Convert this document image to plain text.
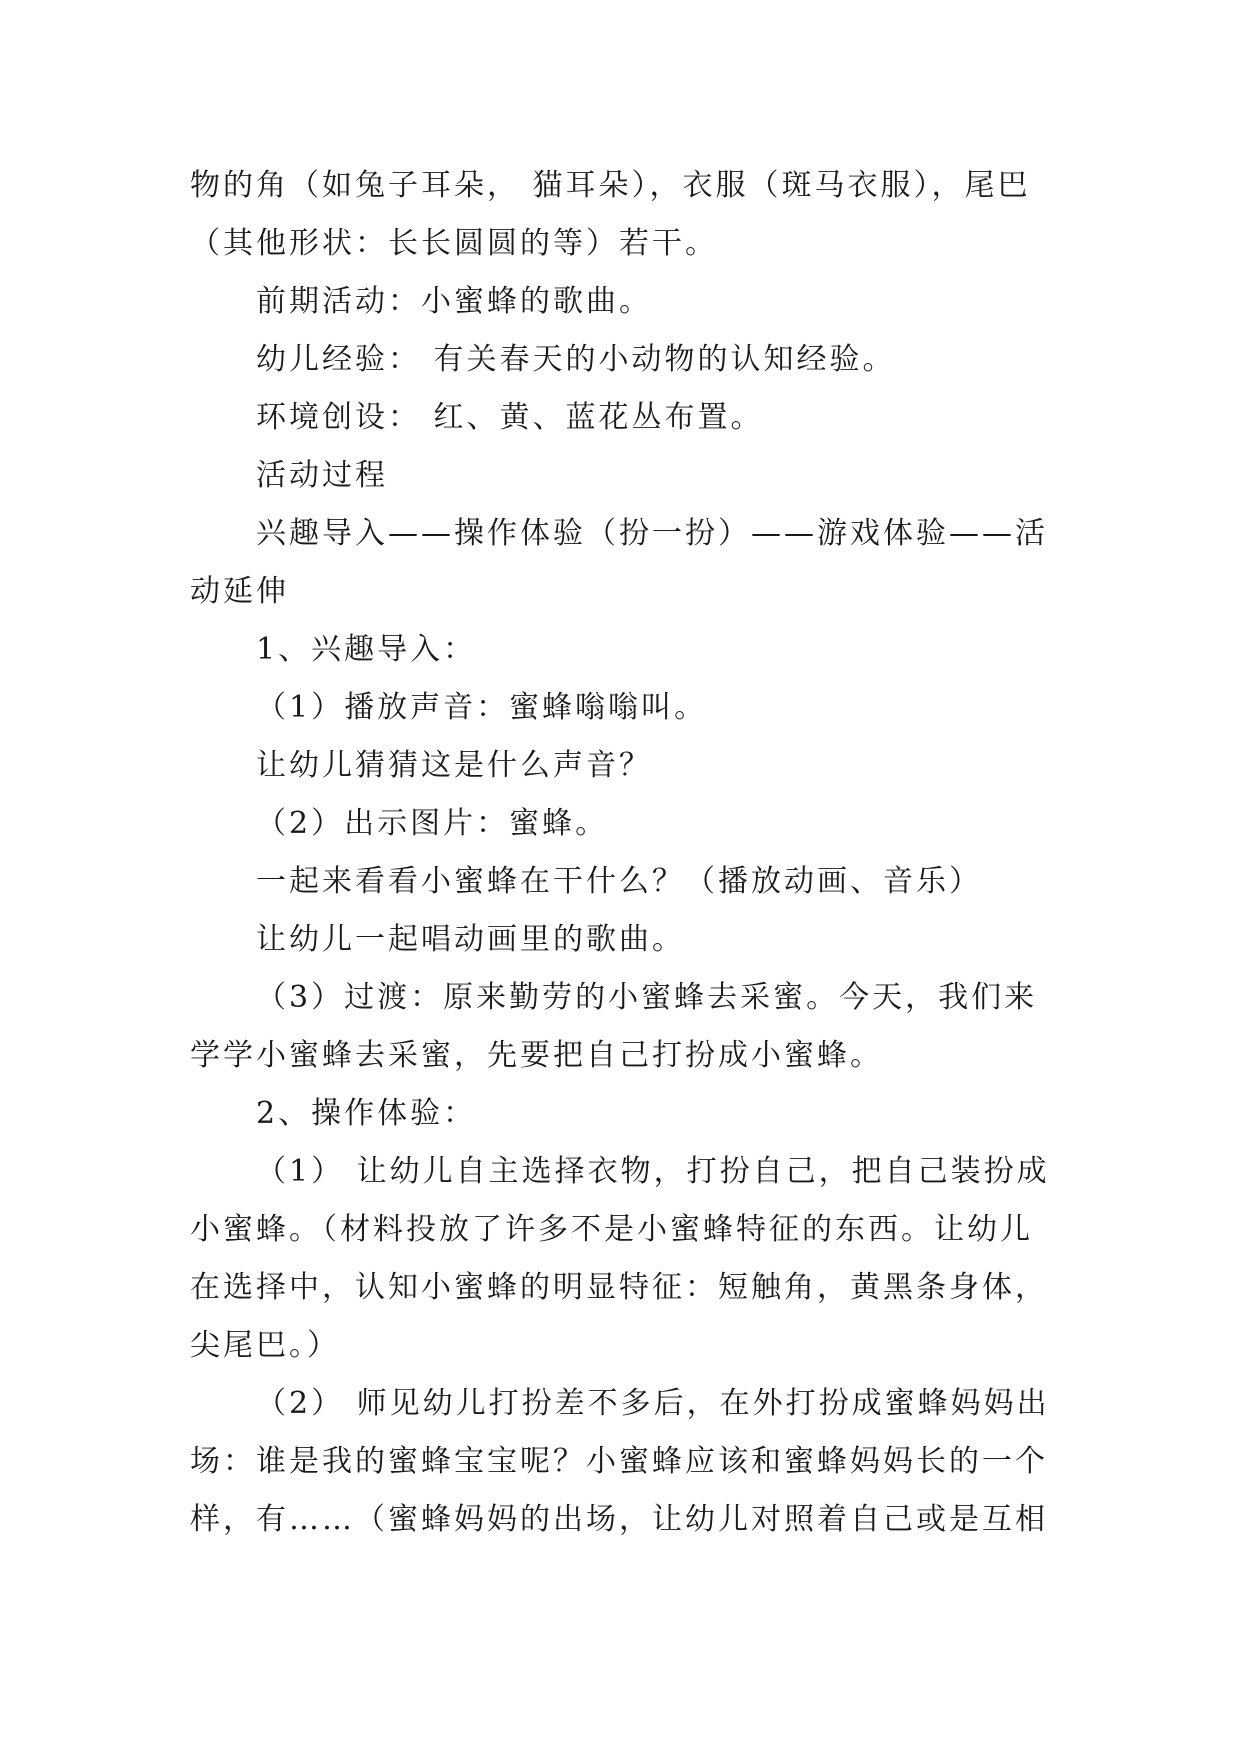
物的角（如兔子耳朵， 猫耳朵），衣服（斑马衣服），尾巴
（其他形状：长长圆圆的等）若干。
前期活动：小蜜蜂的歌曲。
幼儿经验： 有关春天的小动物的认知经验。
环境创设： 红、黄、蓝花丛布置。
活动过程
兴趣导入——操作体验（扮一扮）——游戏体验——活
动延伸
1、兴趣导入：
（1）播放声音：蜜蜂嗡嗡叫。
让幼儿猜猜这是什么声音？
（2）出示图片：蜜蜂。
一起来看看小蜜蜂在干什么？（播放动画、音乐）
让幼儿一起唱动画里的歌曲。
（3）过渡：原来勤劳的小蜜蜂去采蜜。今天，我们来
学学小蜜蜂去采蜜，先要把自己打扮成小蜜蜂。
2、操作体验：
（1） 让幼儿自主选择衣物，打扮自己，把自己装扮成
小蜜蜂。（材料投放了许多不是小蜜蜂特征的东西。让幼儿
在选择中，认知小蜜蜂的明显特征：短触角，黄黑条身体，
尖尾巴。）
（2） 师见幼儿打扮差不多后，在外打扮成蜜蜂妈妈出
场：谁是我的蜜蜂宝宝呢？小蜜蜂应该和蜜蜂妈妈长的一个
样，有……（蜜蜂妈妈的出场，让幼儿对照着自己或是互相
